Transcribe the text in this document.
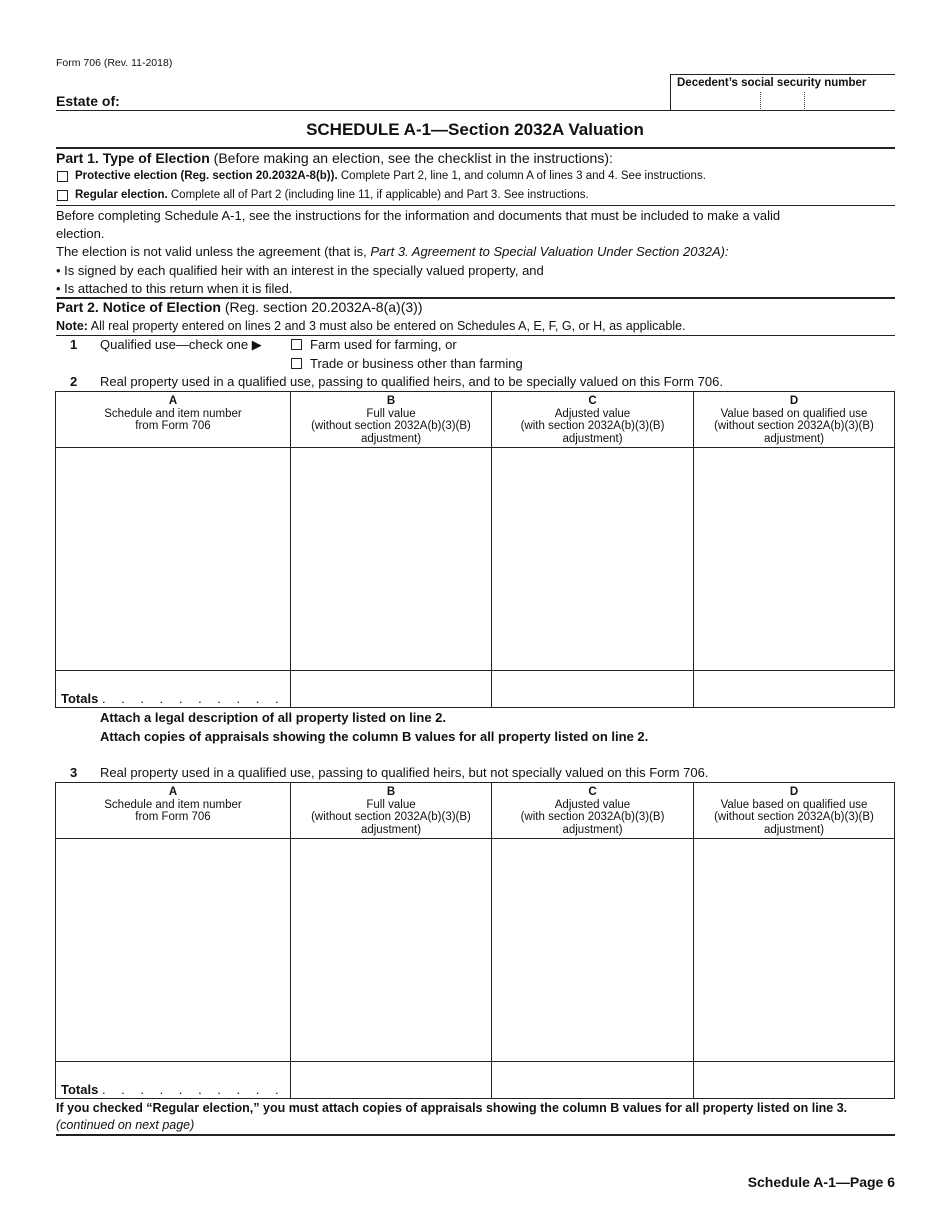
Form 706 (Rev. 11-2018)
Decedent’s social security number
Estate of:
SCHEDULE A-1—Section 2032A Valuation
Part 1. Type of Election (Before making an election, see the checklist in the instructions):
Protective election (Reg. section 20.2032A-8(b)). Complete Part 2, line 1, and column A of lines 3 and 4. See instructions.
Regular election. Complete all of Part 2 (including line 11, if applicable) and Part 3. See instructions.
Before completing Schedule A-1, see the instructions for the information and documents that must be included to make a valid
election.
The election is not valid unless the agreement (that is, Part 3. Agreement to Special Valuation Under Section 2032A):
• Is signed by each qualified heir with an interest in the specially valued property, and
• Is attached to this return when it is filed.
Part 2. Notice of Election (Reg. section 20.2032A-8(a)(3))
Note: All real property entered on lines 2 and 3 must also be entered on Schedules A, E, F, G, or H, as applicable.
1 Qualified use—check one ▶	Farm used for farming, or
Trade or business other than farming
2 Real property used in a qualified use, passing to qualified heirs, and to be specially valued on this Form 706.
A
Schedule and item number
from Form 706
B
Full value
(without section 2032A(b)(3)(B)
adjustment)
C
Adjusted value
(with section 2032A(b)(3)(B)
adjustment)
D
Value based on qualified use
(without section 2032A(b)(3)(B)
adjustment)
Totals . . . . . . . . . .
Attach a legal description of all property listed on line 2.
Attach copies of appraisals showing the column B values for all property listed on line 2.
3 Real property used in a qualified use, passing to qualified heirs, but not specially valued on this Form 706.
A
Schedule and item number
from Form 706
B
Full value
(without section 2032A(b)(3)(B)
adjustment)
C
Adjusted value
(with section 2032A(b)(3)(B)
adjustment)
D
Value based on qualified use
(without section 2032A(b)(3)(B)
adjustment)
Totals . . . . . . . . . .
If you checked “Regular election,” you must attach copies of appraisals showing the column B values for all property listed on line 3.
(continued on next page)
Schedule A-1—Page 6
